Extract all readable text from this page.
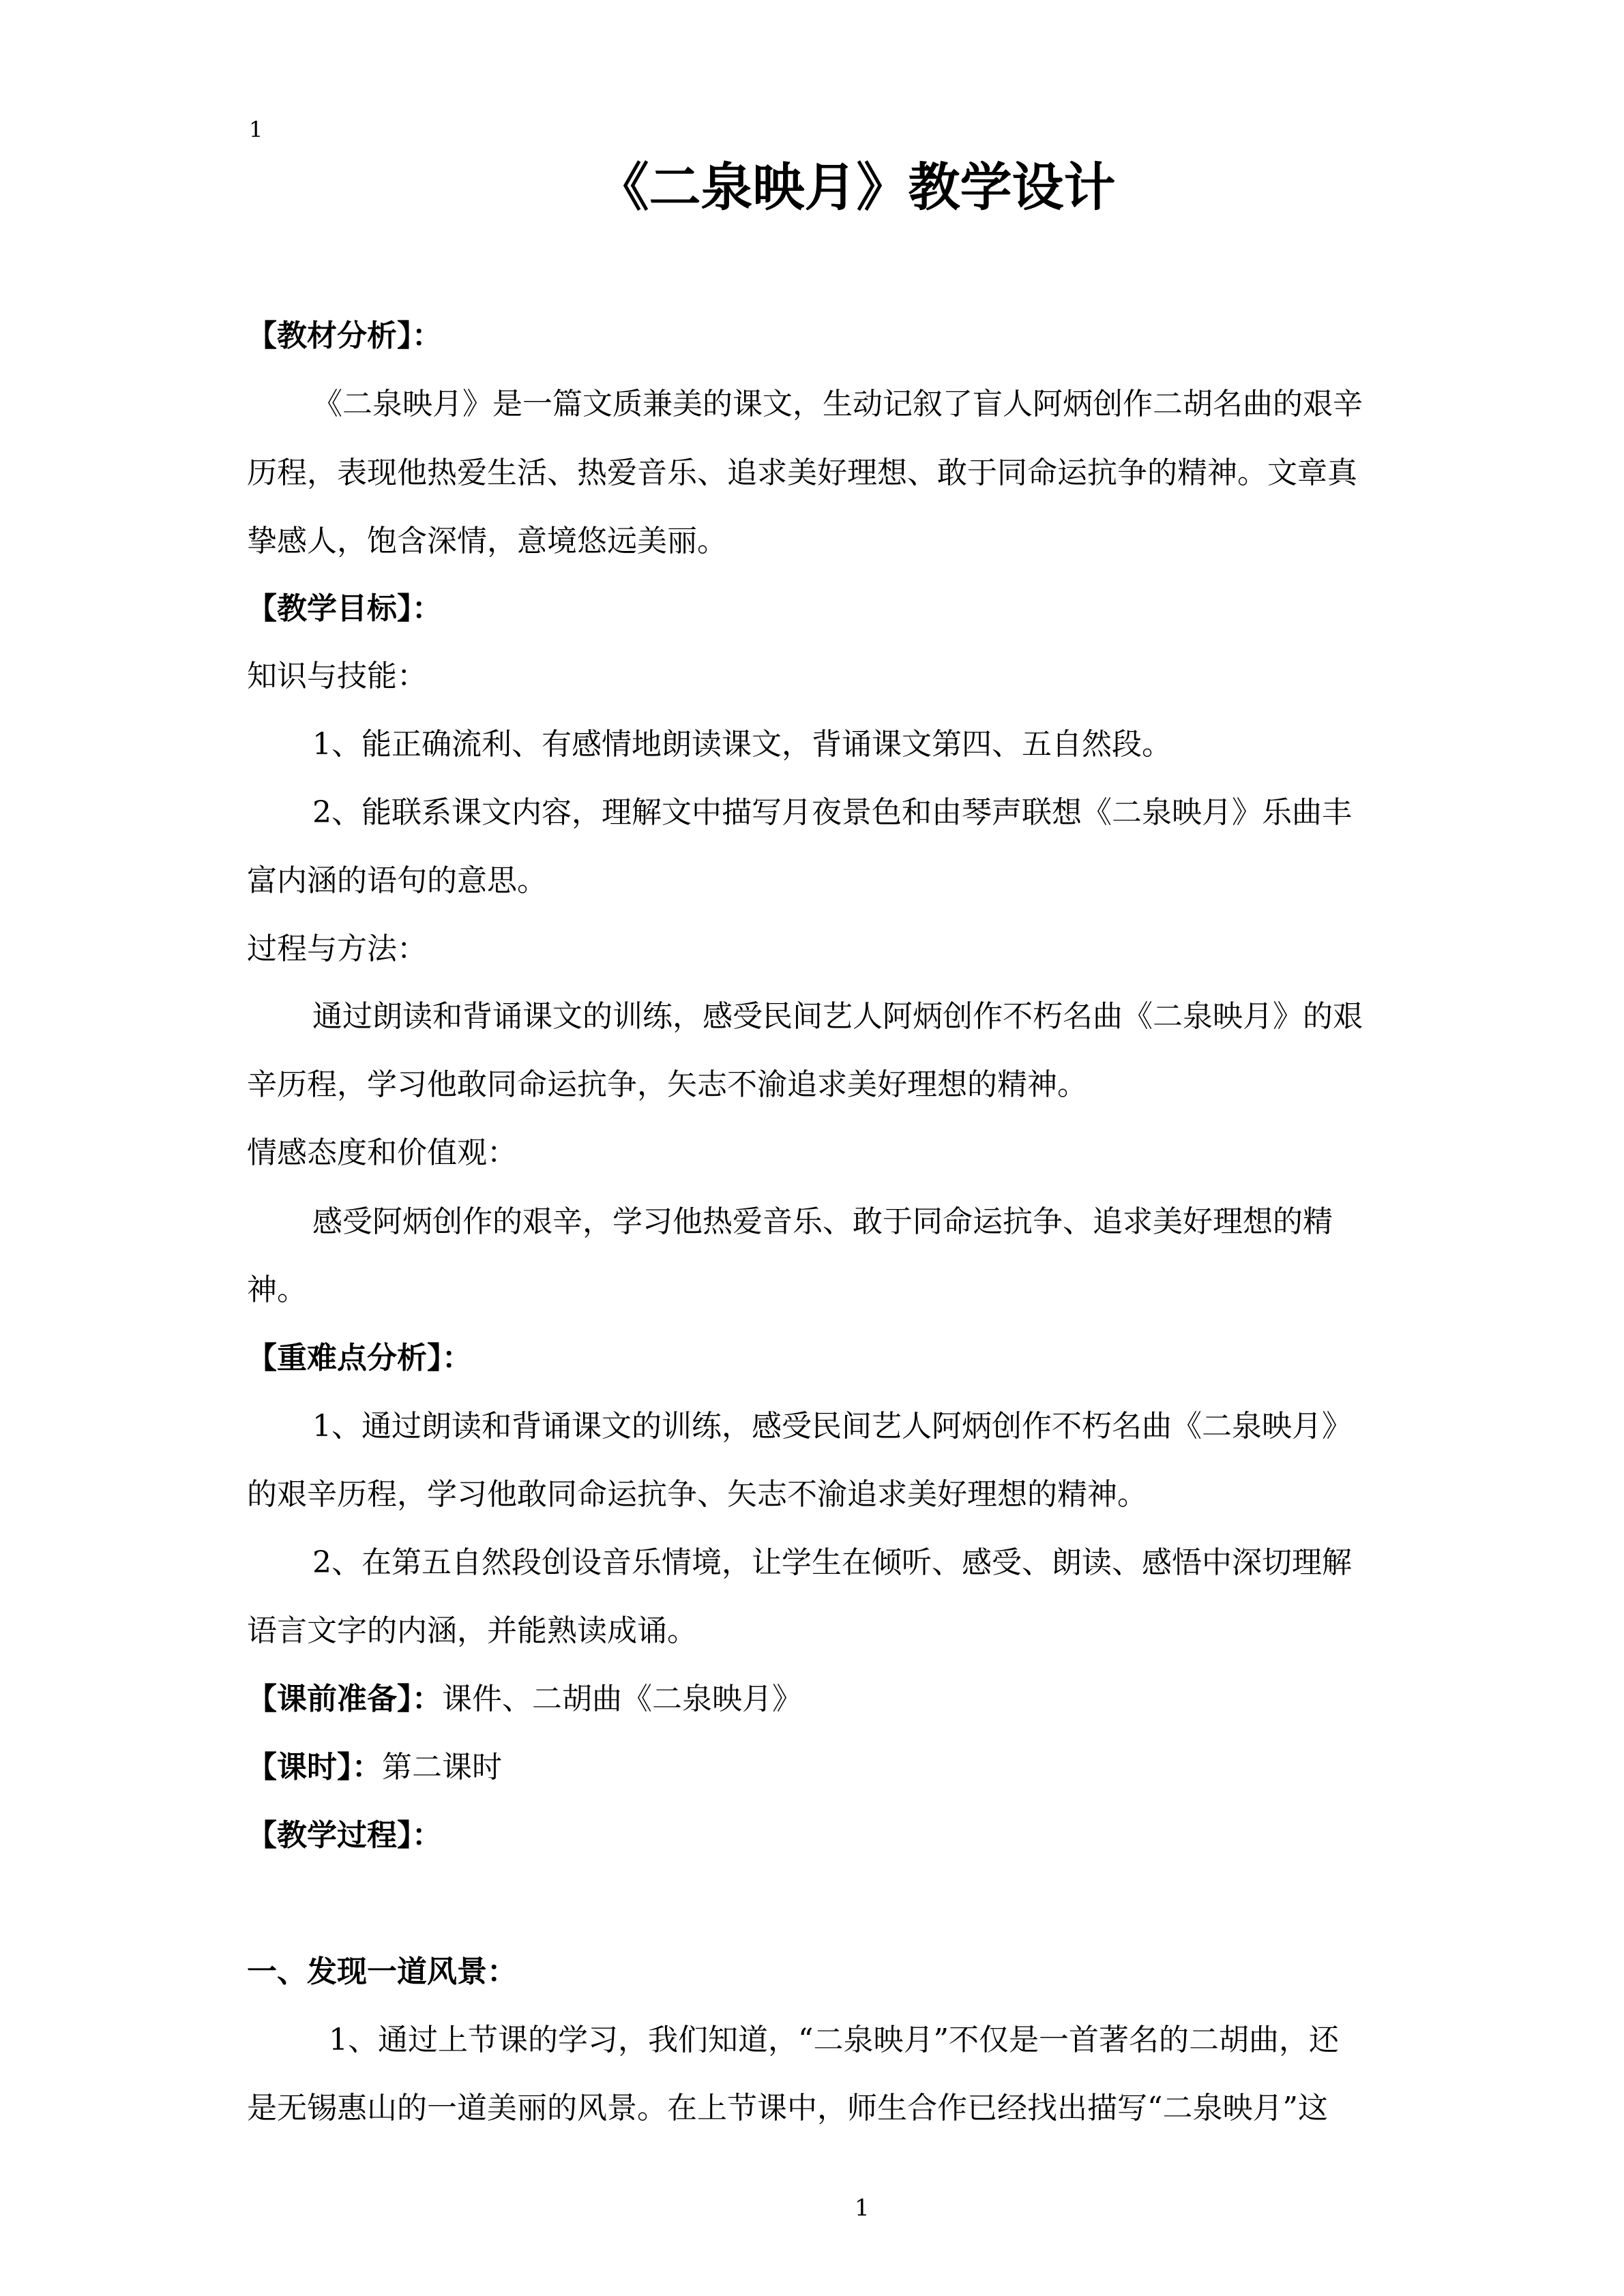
1
《二泉映月》教学设计
【教材分析】：
《二泉映月》是一篇文质兼美的课文，生动记叙了盲人阿炳创作二胡名曲的艰辛
历程，表现他热爱生活、热爱音乐、追求美好理想、敢于同命运抗争的精神。文章真
挚感人，饱含深情，意境悠远美丽。
【教学目标】：
知识与技能：
1、能正确流利、有感情地朗读课文，背诵课文第四、五自然段。
2、能联系课文内容，理解文中描写月夜景色和由琴声联想《二泉映月》乐曲丰
富内涵的语句的意思。
过程与方法：
通过朗读和背诵课文的训练，感受民间艺人阿炳创作不朽名曲《二泉映月》的艰
辛历程，学习他敢同命运抗争，矢志不渝追求美好理想的精神。
情感态度和价值观：
感受阿炳创作的艰辛，学习他热爱音乐、敢于同命运抗争、追求美好理想的精
神。
【重难点分析】：
1、通过朗读和背诵课文的训练，感受民间艺人阿炳创作不朽名曲《二泉映月》
的艰辛历程，学习他敢同命运抗争、矢志不渝追求美好理想的精神。
2、在第五自然段创设音乐情境，让学生在倾听、感受、朗读、感悟中深切理解
语言文字的内涵，并能熟读成诵。
【课前准备】：课件、二胡曲《二泉映月》
【课时】：第二课时
【教学过程】：
一、发现一道风景：
1、通过上节课的学习，我们知道，“二泉映月”不仅是一首著名的二胡曲，还
是无锡惠山的一道美丽的风景。在上节课中，师生合作已经找出描写“二泉映月”这
1
